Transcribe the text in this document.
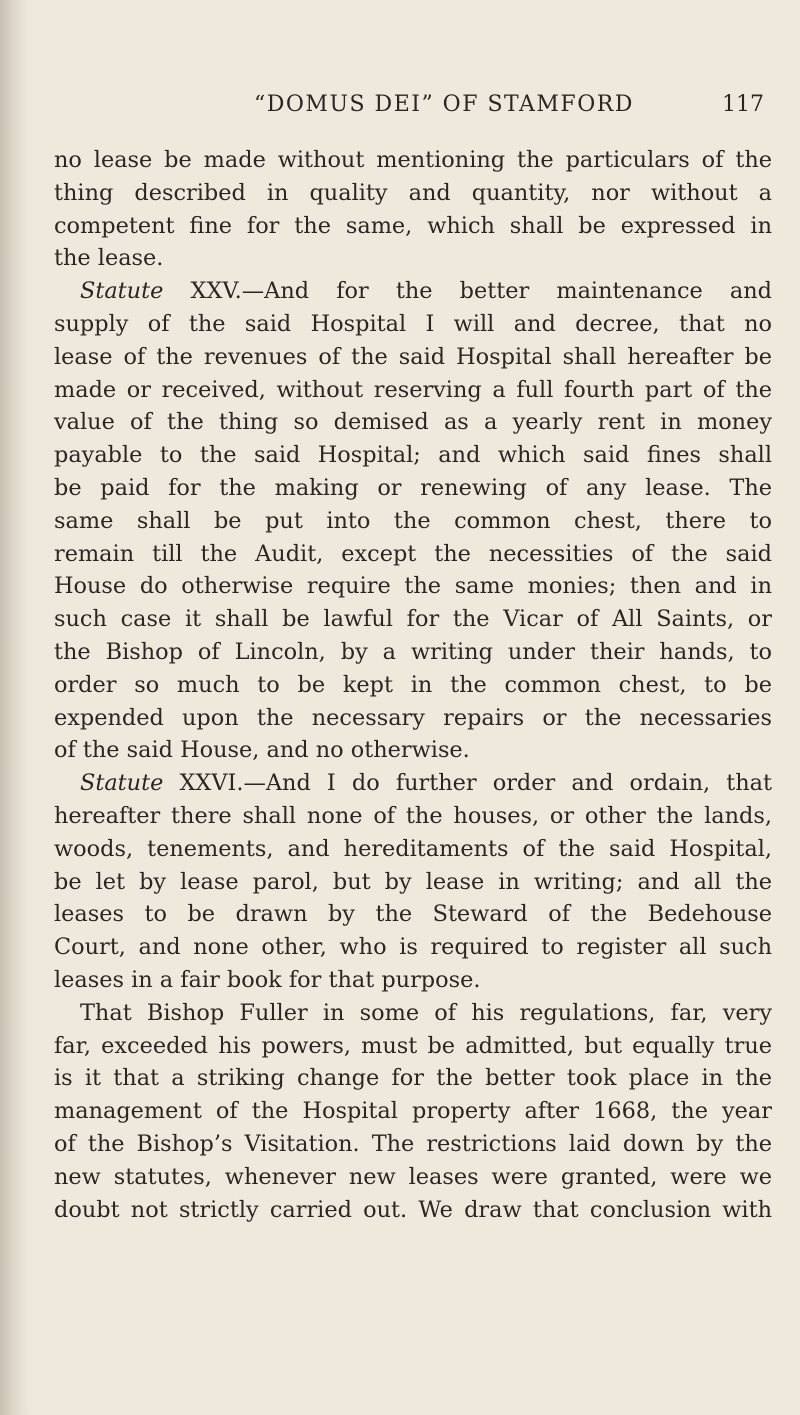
“DOMUS DEI” OF STAMFORD	117
no lease be made without mentioning the particulars of the
thing described in quality and quantity, nor without a
competent fine for the same, which shall be expressed in
the lease.
Statute XXV.—And for the better maintenance and
supply of the said Hospital I will and decree, that no
lease of the revenues of the said Hospital shall hereafter be
made or received, without reserving a full fourth part of the
value of the thing so demised as a yearly rent in money
payable to the said Hospital; and which said fines shall
be paid for the making or renewing of any lease. The
same shall be put into the common chest, there to
remain till the Audit, except the necessities of the said
House do otherwise require the same monies; then and in
such case it shall be lawful for the Vicar of All Saints, or
the Bishop of Lincoln, by a writing under their hands, to
order so much to be kept in the common chest, to be
expended upon the necessary repairs or the necessaries
of the said House, and no otherwise.
Statute XXVI.—And I do further order and ordain, that
hereafter there shall none of the houses, or other the lands,
woods, tenements, and hereditaments of the said Hospital,
be let by lease parol, but by lease in writing; and all the
leases to be drawn by the Steward of the Bedehouse
Court, and none other, who is required to register all such
leases in a fair book for that purpose.
That Bishop Fuller in some of his regulations, far, very
far, exceeded his powers, must be admitted, but equally true
is it that a striking change for the better took place in the
management of the Hospital property after 1668, the year
of the Bishop’s Visitation. The restrictions laid down by the
new statutes, whenever new leases were granted, were we
doubt not strictly carried out. We draw that conclusion with
